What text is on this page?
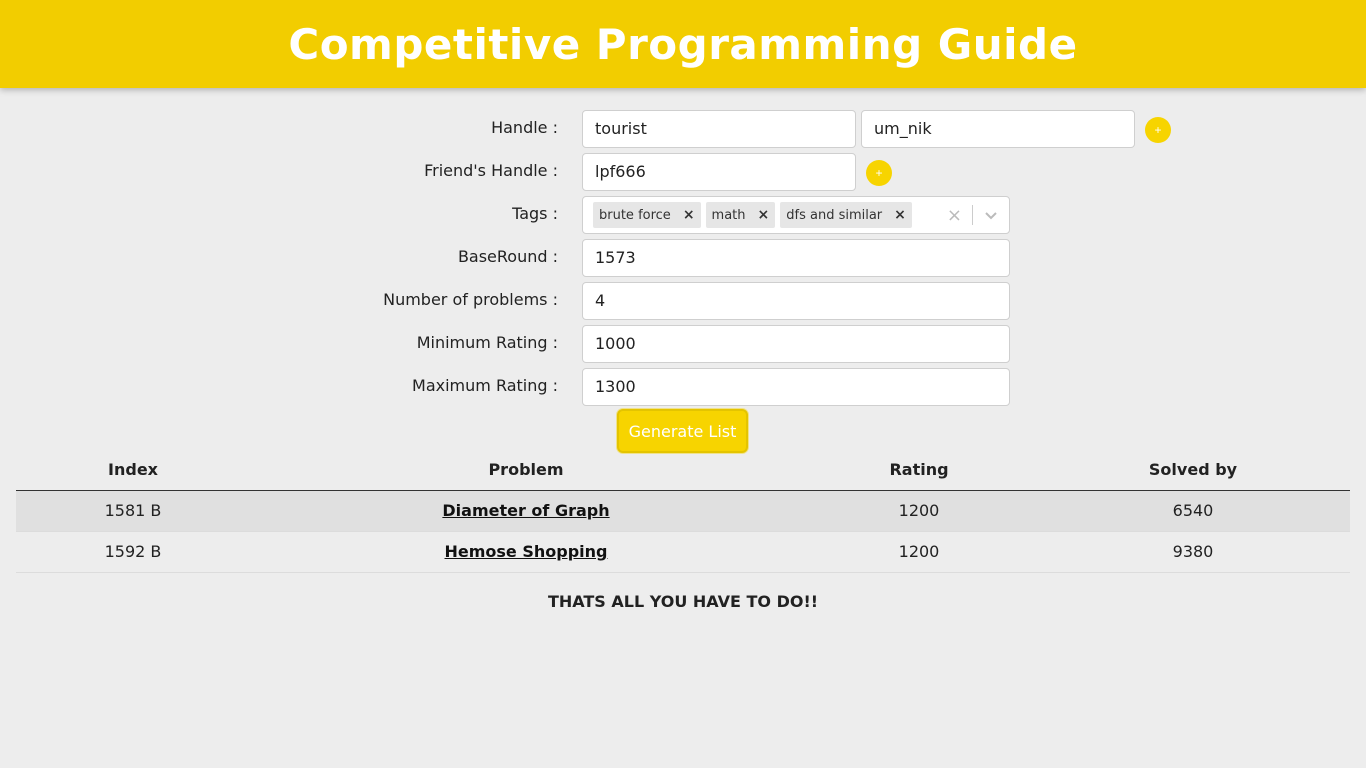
Competitive Programming Guide
Handle :	tourist	um_nik	+
Friend's Handle :	lpf666	+
Tags :	brute force ×	math ×	dfs and similar ×	×
BaseRound :	1573
Number of problems :	4
Minimum Rating :	1000
Maximum Rating :	1300
Generate List
Index	Problem	Rating	Solved by
1581 B	Diameter of Graph	1200	6540
1592 B	Hemose Shopping	1200	9380
THATS ALL YOU HAVE TO DO!!
